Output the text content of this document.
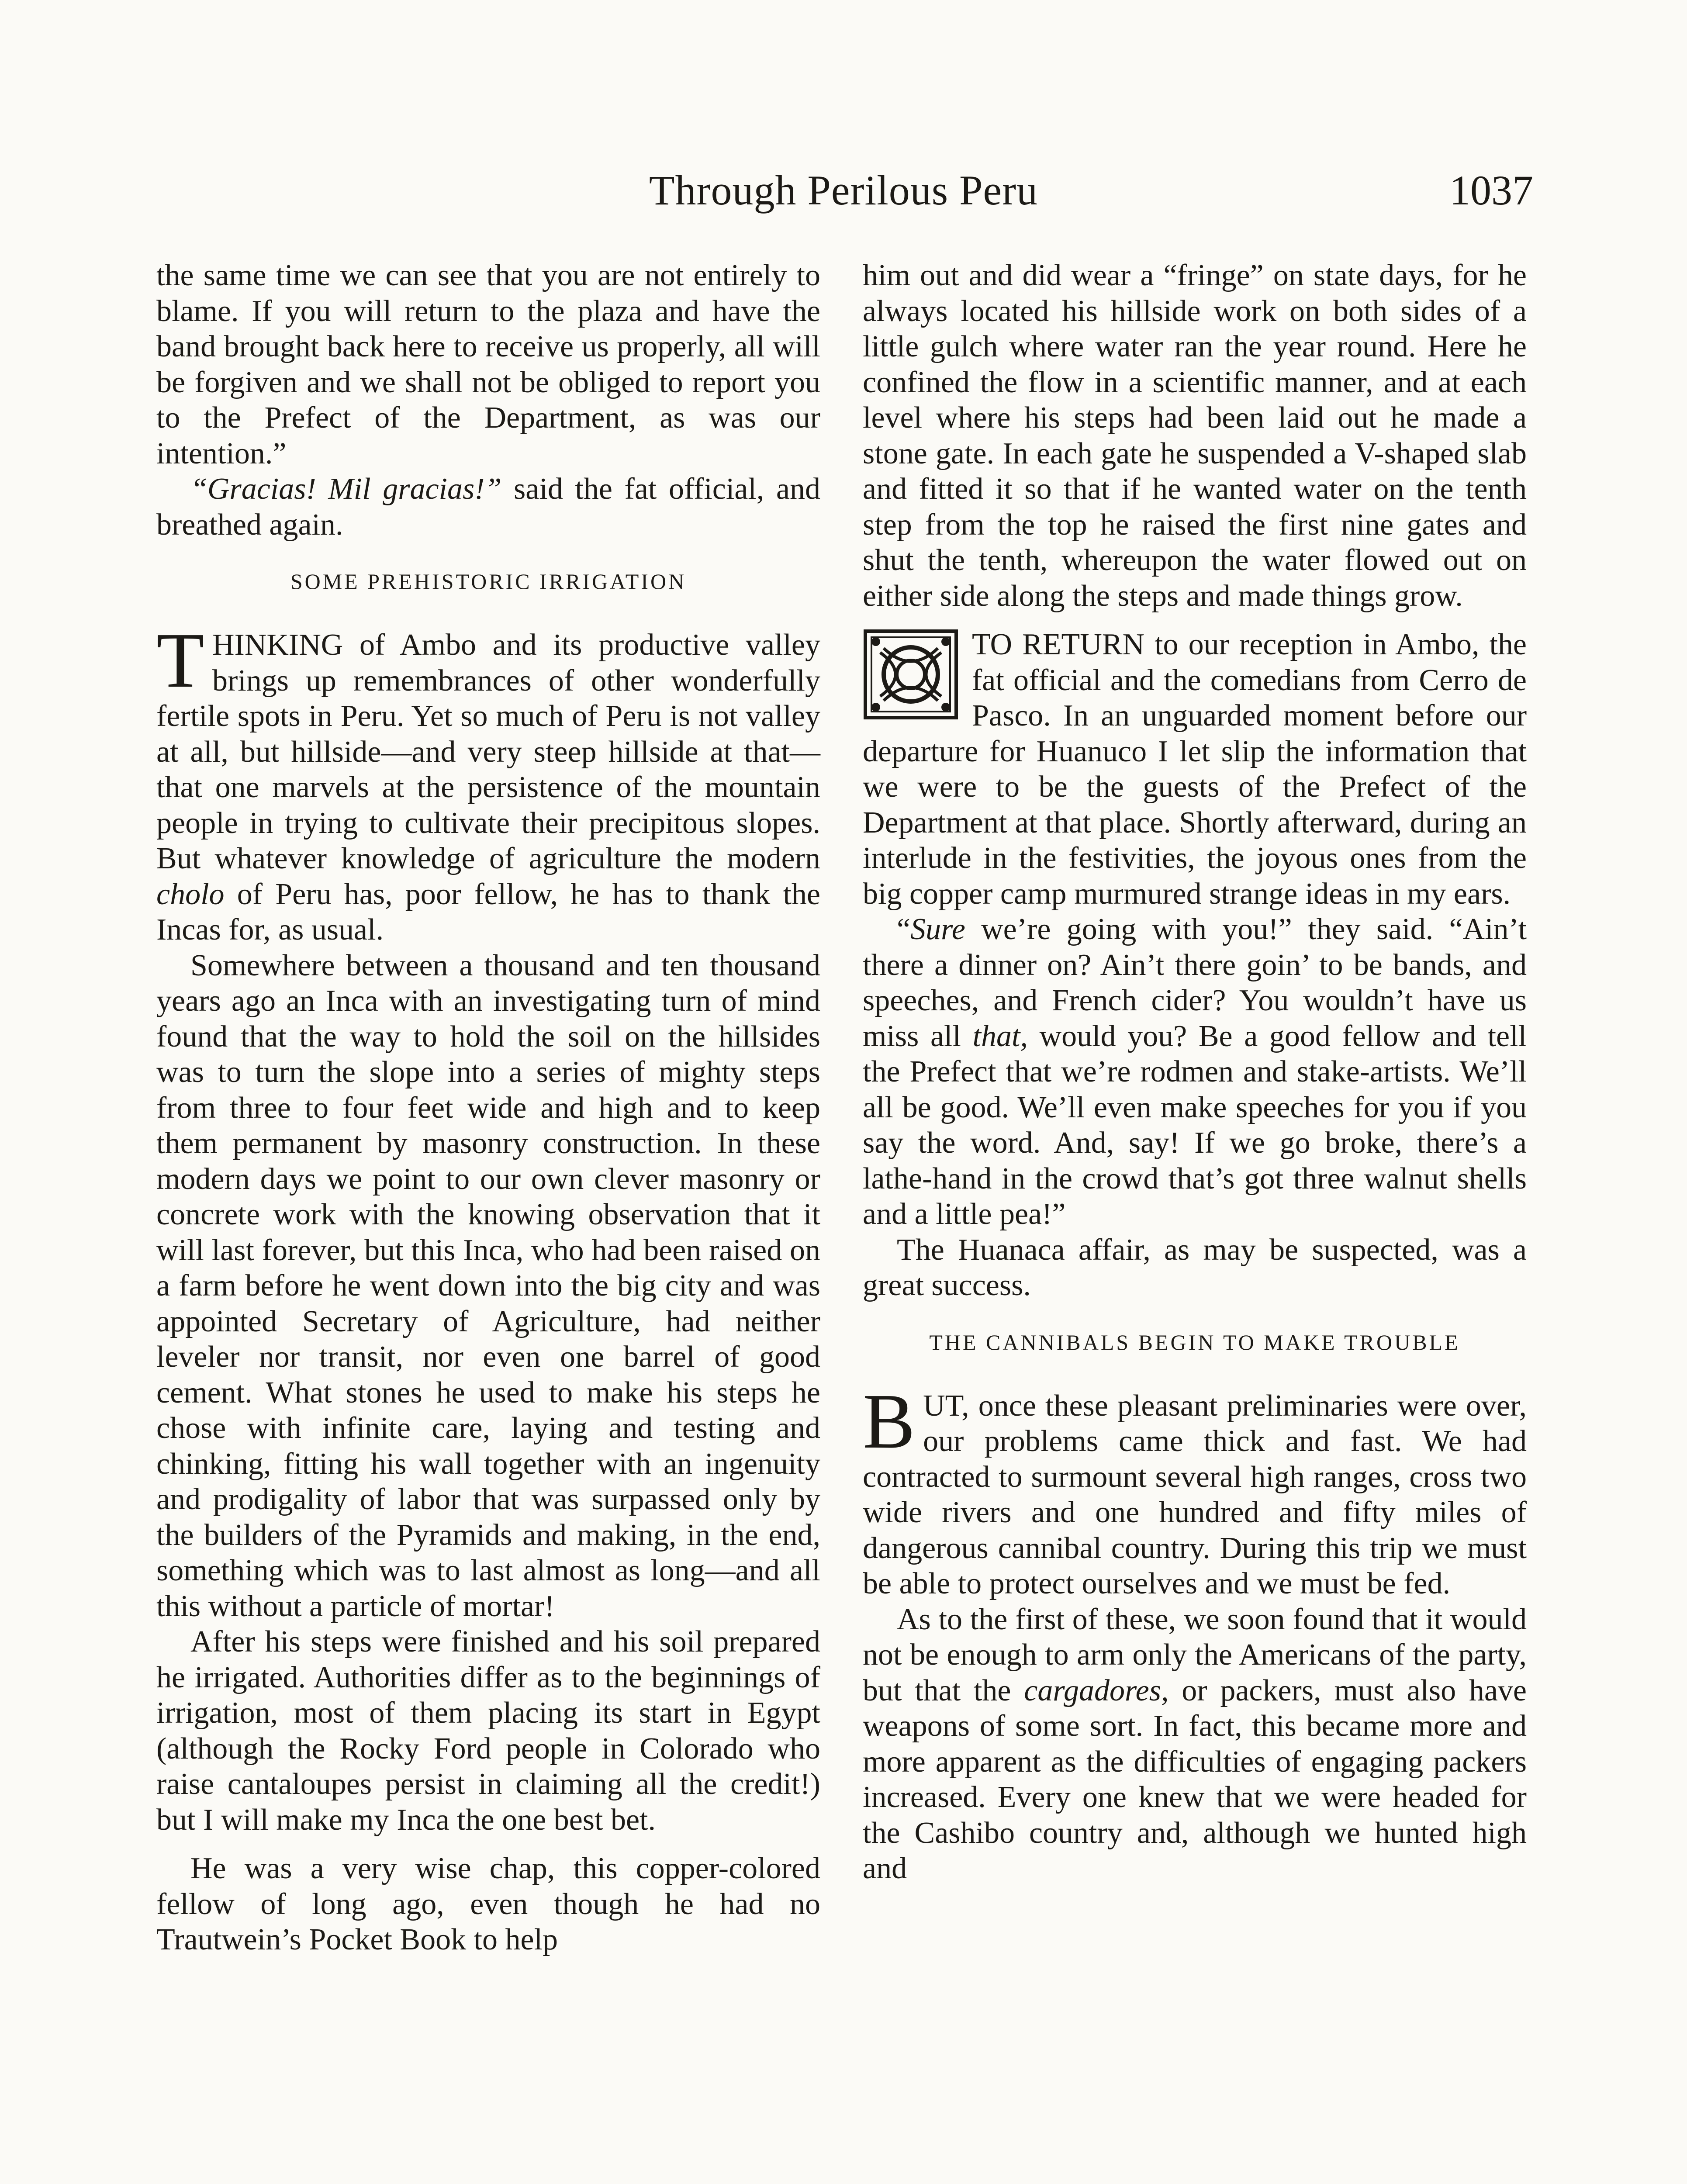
Through Perilous Peru	1037

the same time we can see that you are not entirely to blame. If you will return to the plaza and have the band brought back here to receive us properly, all will be forgiven and we shall not be obliged to report you to the Prefect of the Department, as was our intention.”

“Gracias! Mil gracias!” said the fat official, and breathed again.

SOME PREHISTORIC IRRIGATION

THINKING of Ambo and its productive valley brings up remembrances of other wonderfully fertile spots in Peru. Yet so much of Peru is not valley at all, but hillside—and very steep hillside at that—that one marvels at the persistence of the mountain people in trying to cultivate their precipitous slopes. But whatever knowledge of agriculture the modern cholo of Peru has, poor fellow, he has to thank the Incas for, as usual.

Somewhere between a thousand and ten thousand years ago an Inca with an investigating turn of mind found that the way to hold the soil on the hillsides was to turn the slope into a series of mighty steps from three to four feet wide and high and to keep them permanent by masonry construction. In these modern days we point to our own clever masonry or concrete work with the knowing observation that it will last forever, but this Inca, who had been raised on a farm before he went down into the big city and was appointed Secretary of Agriculture, had neither leveler nor transit, nor even one barrel of good cement. What stones he used to make his steps he chose with infinite care, laying and testing and chinking, fitting his wall together with an ingenuity and prodigality of labor that was surpassed only by the builders of the Pyramids and making, in the end, something which was to last almost as long—and all this without a particle of mortar!

After his steps were finished and his soil prepared he irrigated. Authorities differ as to the beginnings of irrigation, most of them placing its start in Egypt (although the Rocky Ford people in Colorado who raise cantaloupes persist in claiming all the credit!) but I will make my Inca the one best bet.

He was a very wise chap, this copper-colored fellow of long ago, even though he had no Trautwein’s Pocket Book to help

him out and did wear a “fringe” on state days, for he always located his hillside work on both sides of a little gulch where water ran the year round. Here he confined the flow in a scientific manner, and at each level where his steps had been laid out he made a stone gate. In each gate he suspended a V-shaped slab and fitted it so that if he wanted water on the tenth step from the top he raised the first nine gates and shut the tenth, whereupon the water flowed out on either side along the steps and made things grow.

TO RETURN to our reception in Ambo, the fat official and the comedians from Cerro de Pasco. In an unguarded moment before our departure for Huanuco I let slip the information that we were to be the guests of the Prefect of the Department at that place. Shortly afterward, during an interlude in the festivities, the joyous ones from the big copper camp murmured strange ideas in my ears.

“Sure we’re going with you!” they said. “Ain’t there a dinner on? Ain’t there goin’ to be bands, and speeches, and French cider? You wouldn’t have us miss all that, would you? Be a good fellow and tell the Prefect that we’re rodmen and stake-artists. We’ll all be good. We’ll even make speeches for you if you say the word. And, say! If we go broke, there’s a lathe-hand in the crowd that’s got three walnut shells and a little pea!”

The Huanaca affair, as may be suspected, was a great success.

THE CANNIBALS BEGIN TO MAKE TROUBLE

BUT, once these pleasant preliminaries were over, our problems came thick and fast. We had contracted to surmount several high ranges, cross two wide rivers and one hundred and fifty miles of dangerous cannibal country. During this trip we must be able to protect ourselves and we must be fed.

As to the first of these, we soon found that it would not be enough to arm only the Americans of the party, but that the cargadores, or packers, must also have weapons of some sort. In fact, this became more and more apparent as the difficulties of engaging packers increased. Every one knew that we were headed for the Cashibo country and, although we hunted high and
